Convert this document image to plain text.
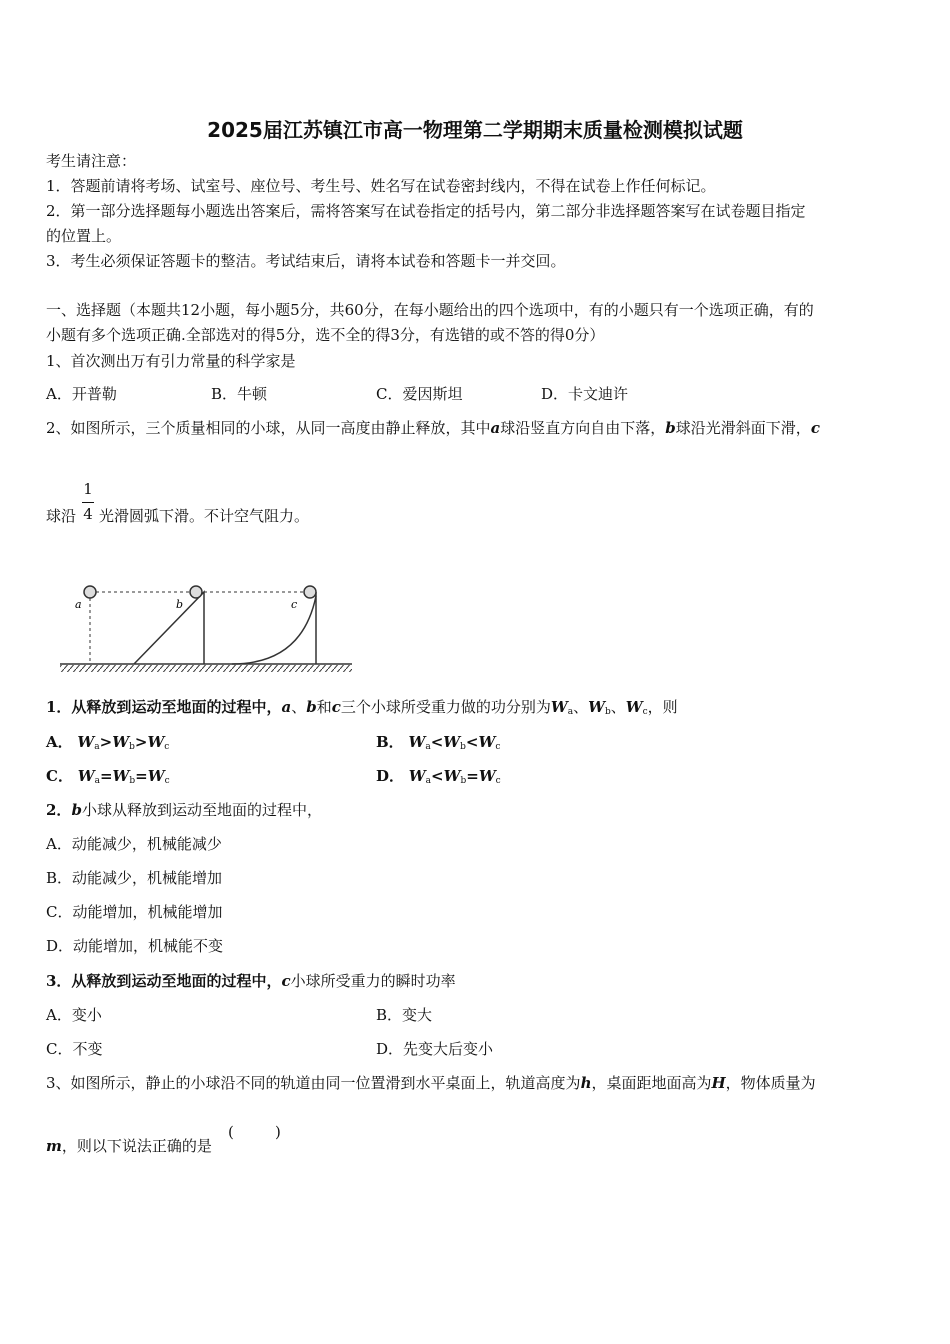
2025届江苏镇江市高一物理第二学期期末质量检测模拟试题
考生请注意：
1．答题前请将考场、试室号、座位号、考生号、姓名写在试卷密封线内，不得在试卷上作任何标记。
2．第一部分选择题每小题选出答案后，需将答案写在试卷指定的括号内，第二部分非选择题答案写在试卷题目指定
的位置上。
3．考生必须保证答题卡的整洁。考试结束后，请将本试卷和答题卡一并交回。
一、选择题（本题共12小题，每小题5分，共60分，在每小题给出的四个选项中，有的小题只有一个选项正确，有的
小题有多个选项正确.全部选对的得5分，选不全的得3分，有选错的或不答的得0分）
1、首次测出万有引力常量的科学家是
A．开普勒	B．牛顿	C．爱因斯坦	D．卡文迪许
2、如图所示，三个质量相同的小球，从同一高度由静止释放，其中a球沿竖直方向自由下落，b球沿光滑斜面下滑，c
球沿
1
4 光滑圆弧下滑。不计空气阻力。
a	b	c
1．从释放到运动至地面的过程中，a、b和c三个小球所受重力做的功分别为$W_a$、$W_b$、$W_c$，则
A． $W_a>W_b>W_c$	B． $W_a<W_b<W_c$
C． $W_a=W_b=W_c$	D． $W_a<W_b=W_c$
2．b小球从释放到运动至地面的过程中，
A．动能减少，机械能减少
B．动能减少，机械能增加
C．动能增加，机械能增加
D．动能增加，机械能不变
3．从释放到运动至地面的过程中，c小球所受重力的瞬时功率
A．变小	B．变大
C．不变	D．先变大后变小
3、如图所示，静止的小球沿不同的轨道由同一位置滑到水平桌面上，轨道高度为h，桌面距地面高为H，物体质量为
m，则以下说法正确的是
(	)
